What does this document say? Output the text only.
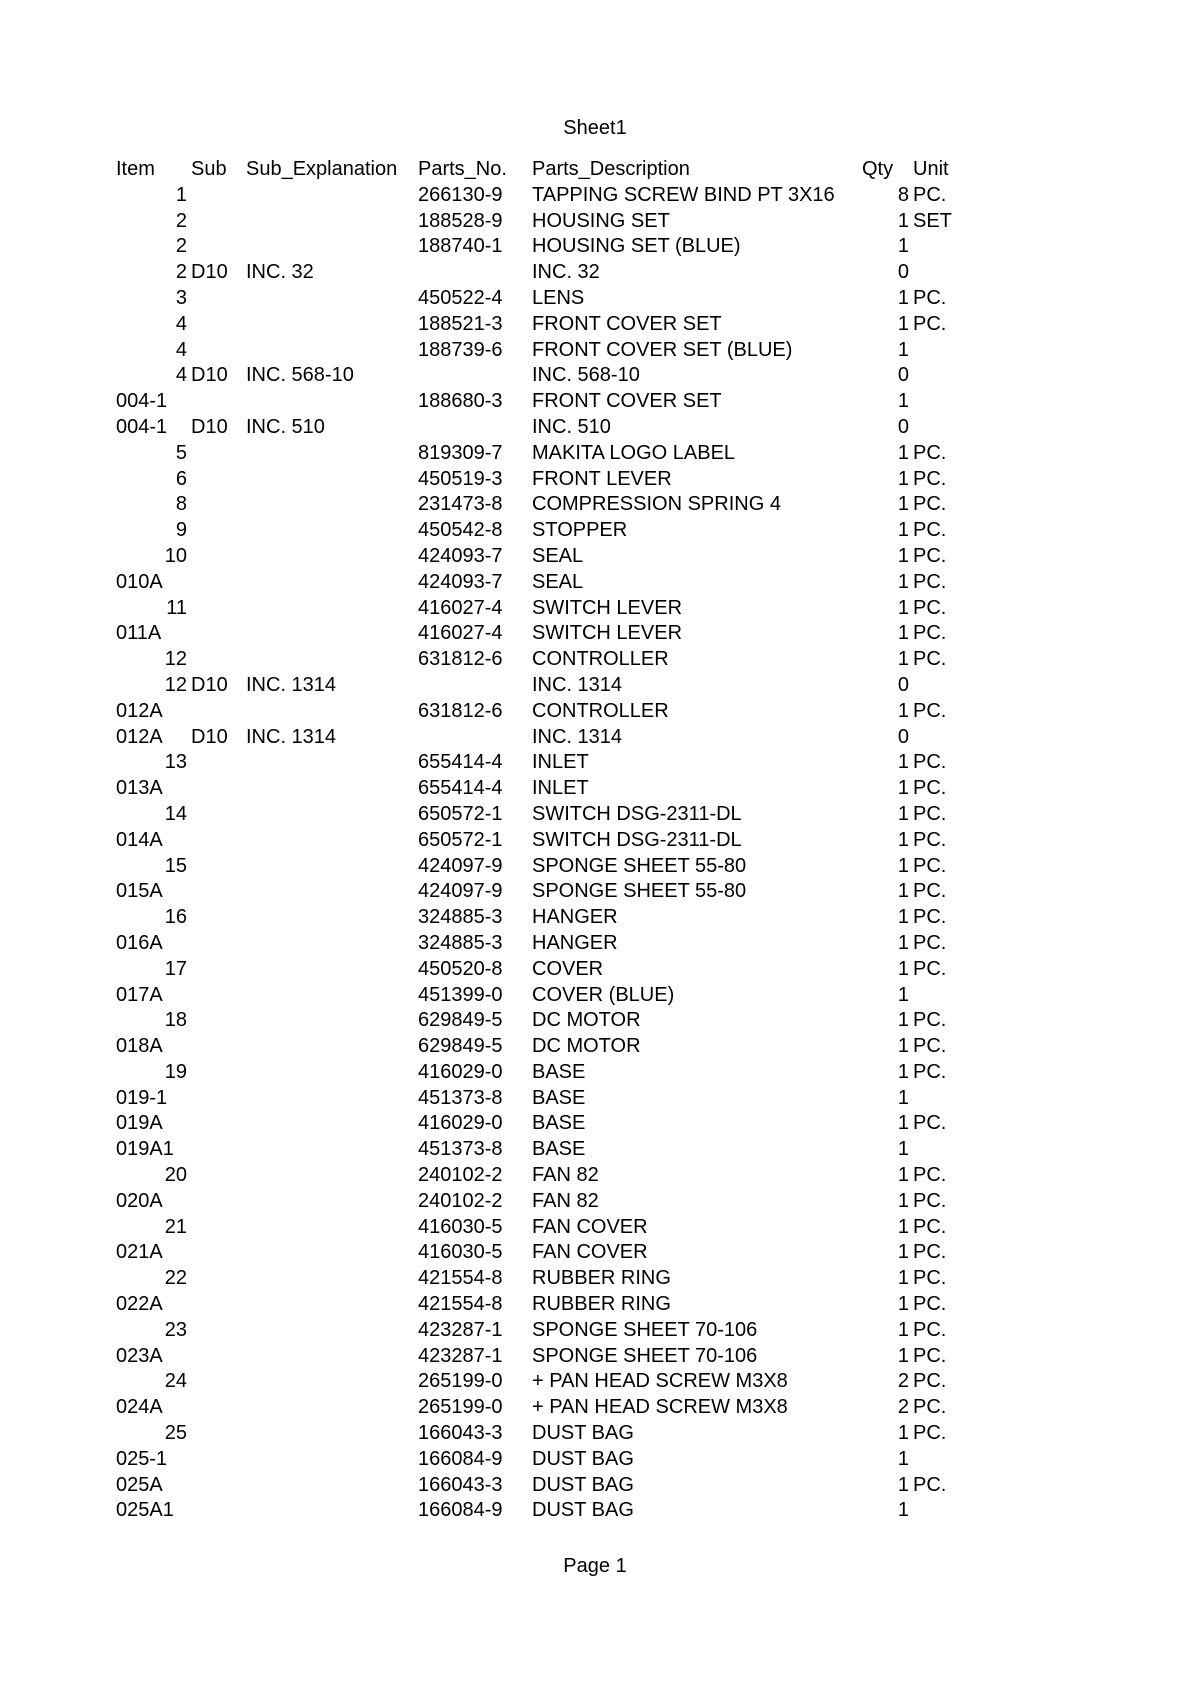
Sheet1
Item Sub Sub_Explanation Parts_No. Parts_Description	Qty Unit
1	266130-9 TAPPING SCREW BIND PT 3X16	8 PC.
2	188528-9 HOUSING SET	1 SET
2	188740-1 HOUSING SET (BLUE)	1
2 D10 INC. 32	INC. 32	0
3	450522-4 LENS	1 PC.
4	188521-3 FRONT COVER SET	1 PC.
4	188739-6 FRONT COVER SET (BLUE)	1
4 D10 INC. 568-10	INC. 568-10	0
004-1	188680-3 FRONT COVER SET	1
004-1 D10 INC. 510	INC. 510	0
5	819309-7 MAKITA LOGO LABEL	1 PC.
6	450519-3 FRONT LEVER	1 PC.
8	231473-8 COMPRESSION SPRING 4	1 PC.
9	450542-8 STOPPER	1 PC.
10	424093-7 SEAL	1 PC.
010A	424093-7 SEAL	1 PC.
11	416027-4 SWITCH LEVER	1 PC.
011A	416027-4 SWITCH LEVER	1 PC.
12	631812-6 CONTROLLER	1 PC.
12 D10 INC. 1314	INC. 1314	0
012A	631812-6 CONTROLLER	1 PC.
012A D10 INC. 1314	INC. 1314	0
13	655414-4 INLET	1 PC.
013A	655414-4 INLET	1 PC.
14	650572-1 SWITCH DSG-2311-DL	1 PC.
014A	650572-1 SWITCH DSG-2311-DL	1 PC.
15	424097-9 SPONGE SHEET 55-80	1 PC.
015A	424097-9 SPONGE SHEET 55-80	1 PC.
16	324885-3 HANGER	1 PC.
016A	324885-3 HANGER	1 PC.
17	450520-8 COVER	1 PC.
017A	451399-0 COVER (BLUE)	1
18	629849-5 DC MOTOR	1 PC.
018A	629849-5 DC MOTOR	1 PC.
19	416029-0 BASE	1 PC.
019-1	451373-8 BASE	1
019A	416029-0 BASE	1 PC.
019A1	451373-8 BASE	1
20	240102-2 FAN 82	1 PC.
020A	240102-2 FAN 82	1 PC.
21	416030-5 FAN COVER	1 PC.
021A	416030-5 FAN COVER	1 PC.
22	421554-8 RUBBER RING	1 PC.
022A	421554-8 RUBBER RING	1 PC.
23	423287-1 SPONGE SHEET 70-106	1 PC.
023A	423287-1 SPONGE SHEET 70-106	1 PC.
24	265199-0 + PAN HEAD SCREW M3X8	2 PC.
024A	265199-0 + PAN HEAD SCREW M3X8	2 PC.
25	166043-3 DUST BAG	1 PC.
025-1	166084-9 DUST BAG	1
025A	166043-3 DUST BAG	1 PC.
025A1	166084-9 DUST BAG	1
Page 1
